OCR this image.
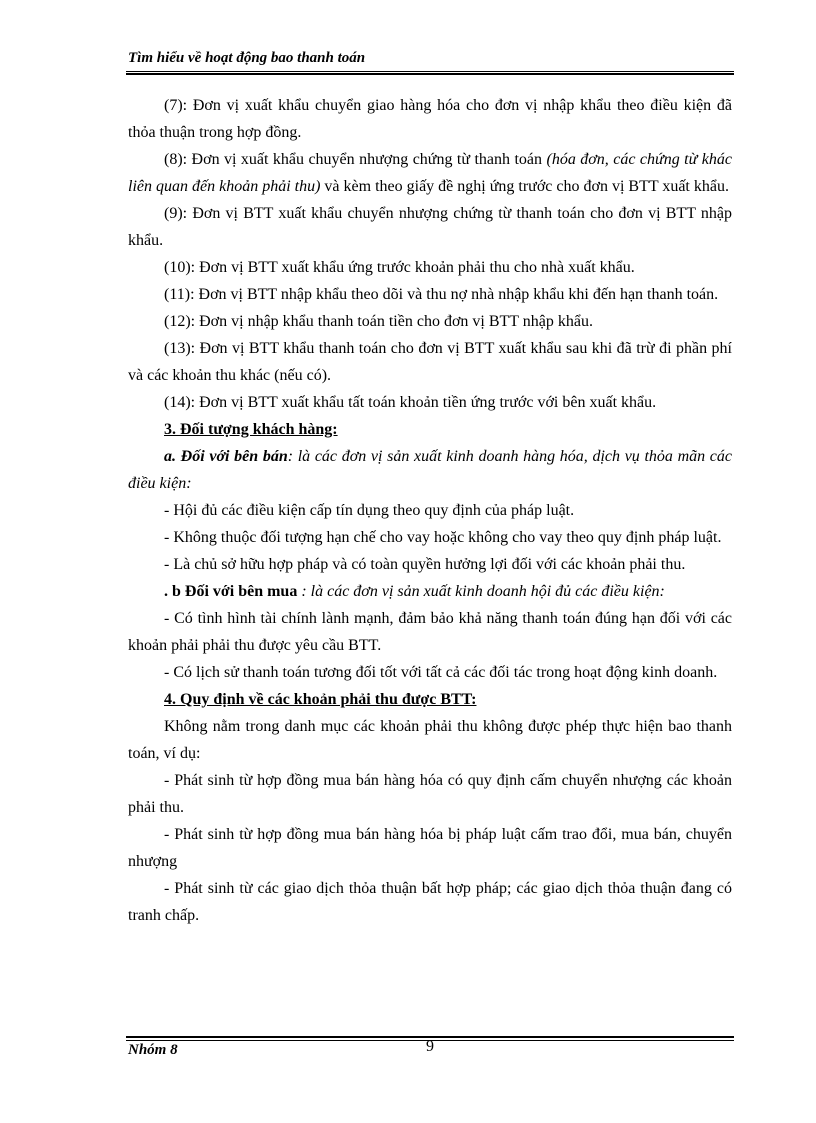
Tìm hiểu về hoạt động bao thanh toán

(7): Đơn vị xuất khẩu chuyển giao hàng hóa cho đơn vị nhập khẩu theo điều kiện đã thỏa thuận trong hợp đồng.

(8): Đơn vị xuất khẩu chuyển nhượng chứng từ thanh toán (hóa đơn, các chứng từ khác liên quan đến khoản phải thu) và kèm theo giấy đề nghị ứng trước cho đơn vị BTT xuất khẩu.

(9): Đơn vị BTT xuất khẩu chuyển nhượng chứng từ thanh toán cho đơn vị BTT nhập khẩu.

(10): Đơn vị BTT xuất khẩu ứng trước khoản phải thu cho nhà xuất khẩu.

(11): Đơn vị BTT nhập khẩu theo dõi và thu nợ nhà nhập khẩu khi đến hạn thanh toán.

(12): Đơn vị nhập khẩu thanh toán tiền cho đơn vị BTT nhập khẩu.

(13): Đơn vị BTT khẩu thanh toán cho đơn vị BTT xuất khẩu sau khi đã trừ đi phần phí và các khoản thu khác (nếu có).

(14): Đơn vị BTT xuất khẩu tất toán khoản tiền ứng trước với bên xuất khẩu.

3. Đối tượng khách hàng:

a. Đối với bên bán: là các đơn vị sản xuất kinh doanh hàng hóa, dịch vụ thỏa mãn các điều kiện:

- Hội đủ các điều kiện cấp tín dụng theo quy định của pháp luật.

- Không thuộc đối tượng hạn chế cho vay hoặc không cho vay theo quy định pháp luật.

- Là chủ sở hữu hợp pháp và có toàn quyền hưởng lợi đối với các khoản phải thu.

. b Đối với bên mua : là các đơn vị sản xuất kinh doanh hội đủ các điều kiện:

- Có tình hình tài chính lành mạnh, đảm bảo khả năng thanh toán đúng hạn đối với các khoản phải phải thu được yêu cầu BTT.

- Có lịch sử thanh toán tương đối tốt với tất cả các đối tác trong hoạt động kinh doanh.

4. Quy định về các khoản phải thu được BTT:

Không nằm trong danh mục các khoản phải thu không được phép thực hiện bao thanh toán, ví dụ:

- Phát sinh từ hợp đồng mua bán hàng hóa có quy định cấm chuyển nhượng các khoản phải thu.

- Phát sinh từ hợp đồng mua bán hàng hóa bị pháp luật cấm trao đổi, mua bán, chuyển nhượng

- Phát sinh từ các giao dịch thỏa thuận bất hợp pháp; các giao dịch thỏa thuận đang có tranh chấp.

Nhóm 8	9
